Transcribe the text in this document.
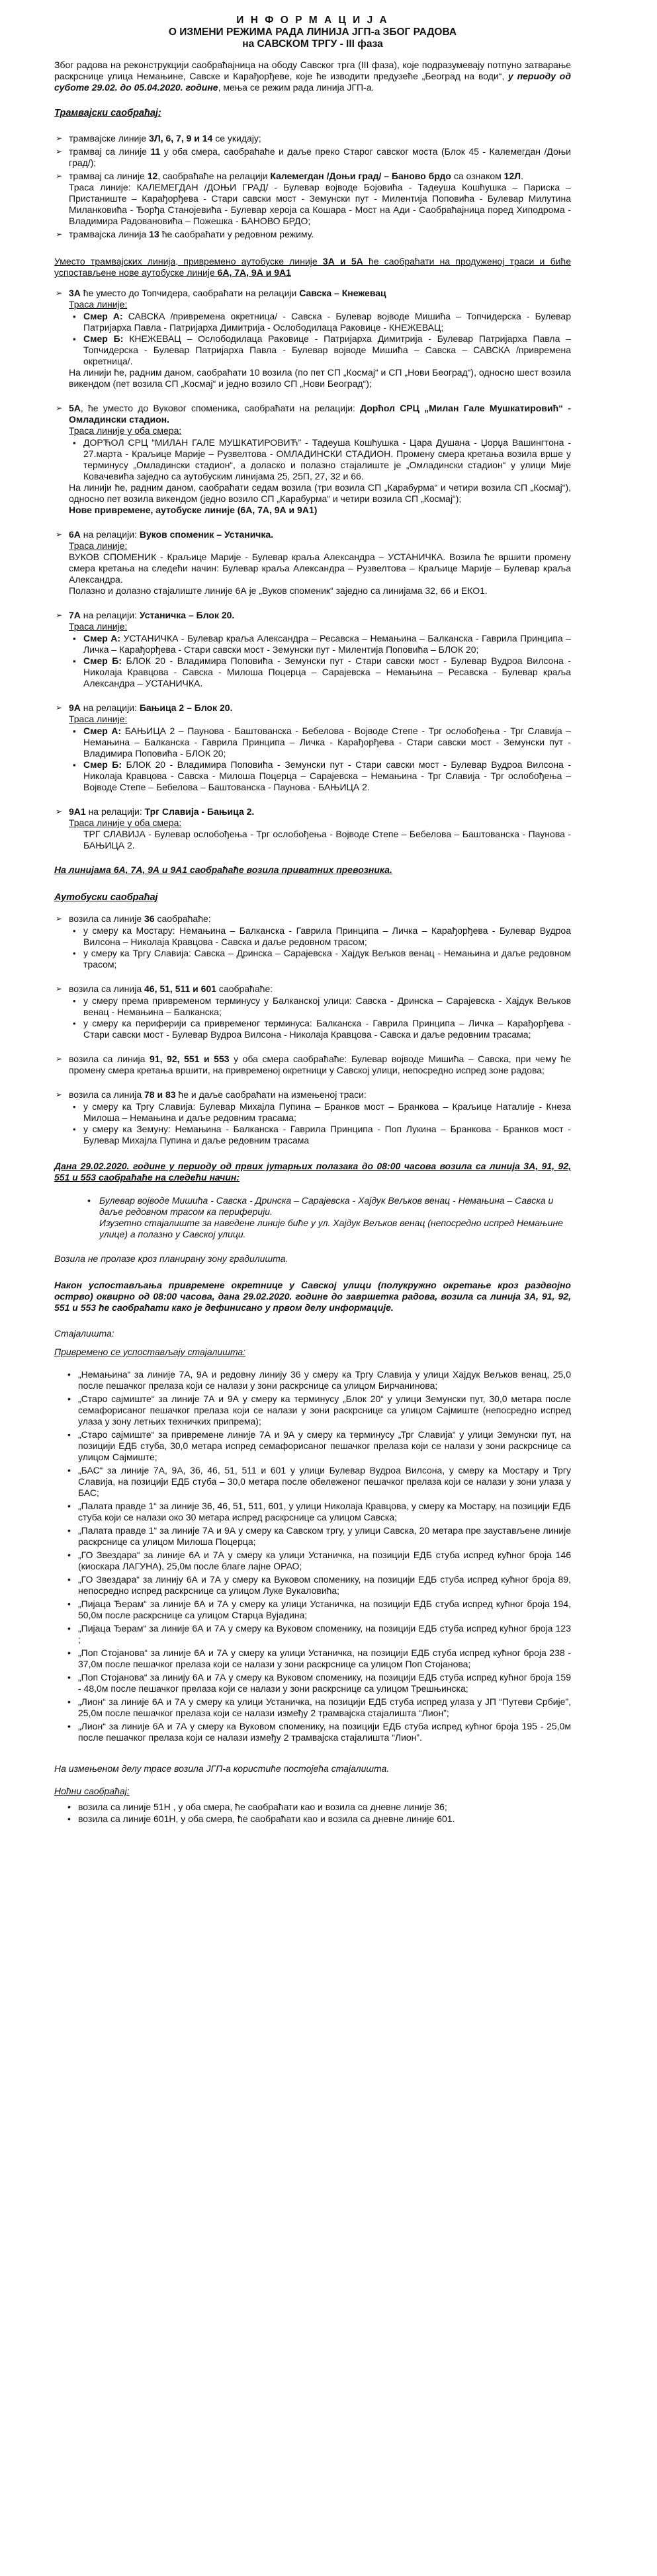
И Н Ф О Р М А Ц И Ј А
О ИЗМЕНИ РЕЖИМА РАДА ЛИНИЈА ЈГП-а ЗБОГ РАДОВА
на САВСКОМ ТРГУ - III фаза

Због радова на реконструкцији саобраћајница на ободу Савског трга (III фаза), које подразумевају потпуно затварање раскрснице улица Немањине, Савске и Карађорђеве, које ће изводити предузеће „Београд на води“, у периоду од суботе 29.02. до 05.04.2020. године, мења се режим рада линија ЈГП-а.

Трамвајски саобраћај:
➢ трамвајске линије 3Л, 6, 7, 9 и 14 се укидају;
➢ трамвај са линије 11 у оба смера, саобраћаће и даље преко Старог савског моста (Блок 45 - Калемегдан /Доњи град/);
➢ трамвај са линије 12, саобраћаће на релацији Калемегдан /Доњи град/ – Баново брдо са ознаком 12Л.
Траса линије: КАЛЕМЕГДАН /ДОЊИ ГРАД/ - Булевар војводе Бојовића - Тадеуша Кошћушка – Париска – Пристаниште – Карађорђева - Стари савски мост - Земунски пут - Милентија Поповића - Булевар Милутина Миланковића - Ђорђа Станојевића - Булевар хероја са Кошара - Мост на Ади - Саобраћајница поред Хиподрома - Владимира Радовановића – Пожешка - БАНОВО БРДО;
➢ трамвајска линија 13 ће саобраћати у редовном режиму.

Уместо трамвајских линија, привремено аутобуске линије 3А и 5А ће саобраћати на продуженој траси и биће успостављене нове аутобуске линије 6А, 7А, 9А и 9А1

➢ 3А ће уместо до Топчидера, саобраћати на релацији Савска – Кнежевац
Траса линије:
▪ Смер А: САВСКА /привремена окретница/ - Савска - Булевар војводе Мишића – Топчидерска - Булевар Патријарха Павла - Патријарха Димитрија - Ослободилаца Раковице - КНЕЖЕВАЦ;
▪ Смер Б: КНЕЖЕВАЦ – Ослободилаца Раковице - Патријарха Димитрија - Булевар Патријарха Павла – Топчидерска - Булевар Патријарха Павла - Булевар војводе Мишића – Савска – САВСКА /привремена окретница/.
На линији ће, радним даном, саобраћати 10 возила (по пет СП „Космај“ и СП „Нови Београд“), односно шест возила викендом (пет возила СП „Космај“ и једно возило СП „Нови Београд“);
➢ 5А, ће уместо до Вуковог споменика, саобраћати на релацији: Дорћол СРЦ „Милан Гале Мушкатировић“ - Омладински стадион.
Траса линије у оба смера:
▪ ДОРЋОЛ СРЦ “МИЛАН ГАЛЕ МУШКАТИРОВИЋ” - Тадеуша Кошћушка - Цара Душана - Џорџа Вашингтона - 27.марта - Краљице Марије – Рузвелтова - ОМЛАДИНСКИ СТАДИОН. Промену смера кретања возила врше у терминусу „Омладински стадион“, а доласко и полазно стајалиште је „Омладински стадион“ у улици Мије Ковачевића заједно са аутобуским линијама 25, 25П, 27, 32 и 66.
На линији ће, радним даном, саобраћати седам возила (три возила СП „Карабурма“ и четири возила СП „Космај“), односно пет возила викендом (једно возило СП „Карабурма“ и четири возила СП „Космај“);
Нове привремене, аутобуске линије (6А, 7А, 9А и 9А1)
➢ 6А на релацији: Вуков споменик – Устаничка.
Траса линије:
ВУКОВ СПОМЕНИК - Краљице Марије - Булевар краља Александра – УСТАНИЧКА. Возила ће вршити промену смера кретања на следећи начин: Булевар краља Александра – Рузвелтова – Краљице Марије – Булевар краља Александра.
Полазно и долазно стајалиште линије 6А је „Вуков споменик“ заједно са линијама 32, 66 и ЕКО1.
➢ 7А на релацији: Устаничка – Блок 20.
Траса линије:
▪ Смер А: УСТАНИЧКА - Булевар краља Александра – Ресавска – Немањина – Балканска - Гаврила Принципа – Личка – Карађорђева - Стари савски мост - Земунски пут - Милентија Поповића – БЛОК 20;
▪ Смер Б: БЛОК 20 - Владимира Поповића - Земунски пут - Стари савски мост - Булевар Вудроа Вилсона - Николаја Кравцова - Савска - Милоша Поцерца – Сарајевска – Немањина – Ресавска - Булевар краља Александра – УСТАНИЧКА.
➢ 9А на релацији: Бањица 2 – Блок 20.
Траса линије:
▪ Смер А: БАЊИЦА 2 – Паунова - Баштованска - Бебелова - Војводе Степе - Трг ослобођења - Трг Славија – Немањина – Балканска - Гаврила Принципа – Личка - Карађорђева - Стари савски мост - Земунски пут - Владимира Поповића - БЛОК 20;
▪ Смер Б: БЛОК 20 - Владимира Поповића - Земунски пут - Стари савски мост - Булевар Вудроа Вилсона - Николаја Кравцова - Савска - Милоша Поцерца – Сарајевска – Немањина - Трг Славија - Трг ослобођења – Војводе Степе – Бебелова – Баштованска - Паунова - БАЊИЦА 2.
➢ 9А1 на релацији: Трг Славија - Бањица 2.
Траса линије у оба смера:
ТРГ СЛАВИЈА - Булевар ослобођења - Трг ослобођења - Војводе Степе – Бебелова – Баштованска - Паунова - БАЊИЦА 2.
На линијама 6А, 7А, 9А и 9А1 саобраћаће возила приватних превозника.
Аутобуски саобраћај
➢ возила са линије 36 саобраћаће:
• у смеру ка Мостару: Немањина – Балканска - Гаврила Принципа – Личка – Карађорђева - Булевар Вудроа Вилсона – Николаја Кравцова - Савска и даље редовном трасом;
• у смеру ка Тргу Славија: Савска – Дринска – Сарајевска - Хајдук Вељкoв венац - Немањина и даље редовном трасом;
➢ возила са линија 46, 51, 511 и 601 саобраћаће:
• у смеру према привременом терминусу у Балканској улици: Савска - Дринска – Сарајевска - Хајдук Вељков венац - Немањина – Балканска;
• у смеру ка периферији са привременог терминуса: Балканска - Гаврила Принципа – Личка – Карађорђева - Стари савски мост - Булевар Вудроа Вилсона - Николаја Кравцова - Савска и даље редовним трасама;
➢ возила са линија 91, 92, 551 и 553 у оба смера саобраћаће: Булевар војводе Мишића – Савска, при чему ће промену смера кретања вршити, на привременој окретници у Савској улици, непосредно испред зоне радова;
➢ возила са линија 78 и 83 ће и даље саобраћати на измењеној траси:
• у смеру ка Тргу Славија: Булевар Михајла Пупина – Бранков мост – Бранкова – Краљице Наталије - Кнеза Милоша – Немањина и даље редовним трасама;
• у смеру ка Земуну: Немањина - Балканска - Гаврила Принципа - Поп Лукина – Бранкова - Бранков мост - Булевар Михајла Пупина и даље редовним трасама

Дана 29.02.2020. године у периоду од првих јутарњих полазака до 08:00 часова возила са линија 3А, 91, 92, 551 и 553 саобраћаће на следећи начин:

• Булевар војводе Мишића - Савска - Дринска – Сарајевска - Хајдук Вељков венац - Немањина – Савска и даље редовном трасом ка периферији.
Изузетно стајалиште за наведене линије биће у ул. Хајдук Вељков венац (непосредно испред Немањине улице) а полазно у Савској улици.

Возила не пролазе кроз планирану зону градилишта.

Након успостављања привремене окретнице у Савској улици (полукружно окретање кроз раздвојно острво) оквирно од 08:00 часова, дана 29.02.2020. године до завршетка радова, возила са линија 3А, 91, 92, 551 и 553 ће саобраћати како је дефинисано у првом делу информације.

Стајалишта:
Привремено се успостављају стајалишта:
• „Немањина“ за линије 7А, 9А и редовну линију 36 у смеру ка Тргу Славија у улици Хајдук Вељков венац, 25,0 после пешачког прелаза који се налази у зони раскрснице са улицом Бирчанинова;
• „Старо сајмиште“ за линије 7А и 9А у смеру ка терминусу „Блок 20“ у улици Земунски пут, 30,0 метара после семафорисаног пешачког прелаза који се налази у зони раскрснице са улицом Сајмиште (непосредно испред улаза у зону летњих техничких припрема);
• „Старо сајмиште“ за привремене линије 7А и 9А у смеру ка терминусу „Трг Славија“ у улици Земунски пут, на позицији ЕДБ стуба, 30,0 метара испред семафорисаног пешачког прелаза који се налази у зони раскрснице са улицом Сајмиште;
• „БАС“ за линије 7А, 9А, 36, 46, 51, 511 и 601 у улици Булевар Вудроа Вилсона, у смеру ка Мостару и Тргу Славија, на позицији ЕДБ стуба – 30,0 метара после обележеног пешачког прелаза који се налази у зони улаза у БАС;
• „Палата правде 1“ за линије 36, 46, 51, 511, 601, у улици Николаја Кравцова, у смеру ка Мостару, на позицији ЕДБ стуба који се налази око 30 метара испред раскрснице са улицом Савска;
• „Палата правде 1“ за линије 7А и 9А у смеру ка Савском тргу, у улици Савска, 20 метара пре заустављене линије раскрснице са улицом Милоша Поцерца;
• „ГО Звездара“ за линије 6А и 7А у смеру ка улици Устаничка, на позицији ЕДБ стуба испред кућног броја 146 (киоскара ЛАГУНА), 25,0м после благе лајне ОРАО;
• „ГО Звездара“ за линију 6А и 7А у смеру ка Вуковом споменику, на позицији ЕДБ стуба испред кућног броја 89, непосредно испред раскрснице са улицом Луке Вукаловића;
• „Пијаца Ђерам“ за линије 6А и 7А у смеру ка улици Устаничка, на позицији ЕДБ стуба испред кућног броја 194, 50,0м после раскрснице са улицом Старца Вујадина;
• „Пијаца Ђерам“ за линије 6А и 7А у смеру ка Вуковом споменику, на позицији ЕДБ стуба испред кућног броја 123 ;
• „Поп Стојанова“ за линије 6А и 7А у смеру ка улици Устаничка, на позицији ЕДБ стуба испред кућног броја 238 - 37,0м после пешачког прелаза који се налази у зони раскрснице са улицом Поп Стојанова;
• „Поп Стојанова“ за линију 6А и 7А у смеру ка Вуковом споменику, на позицији ЕДБ стуба испред кућног броја 159 - 48,0м после пешачког прелаза који се налази у зони раскрснице са улицом Трешњинска;
• „Лион“ за линије 6А и 7А у смеру ка улици Устаничка, на позицији ЕДБ стуба испред улаза у ЈП “Путеви Србије”, 25,0м после пешачког прелаза који се налази између 2 трамвајска стајалишта “Лион”;
• „Лион“ за линије 6А и 7А у смеру ка Вуковом споменику, на позицији ЕДБ стуба испред кућног броја 195 - 25,0м после пешачког прелаза који се налази између 2 трамвајска стајалишта “Лион”.

На измењеном делу трасе возила ЈГП-а користиће постојећа стајалишта.

Ноћни саобраћај:
• возила са линије 51Н , у оба смера, ће саобраћати као и возила са дневне линије 36;
• возила са линије 601Н, у оба смера, ће саобраћати као и возила са дневне линије 601.
